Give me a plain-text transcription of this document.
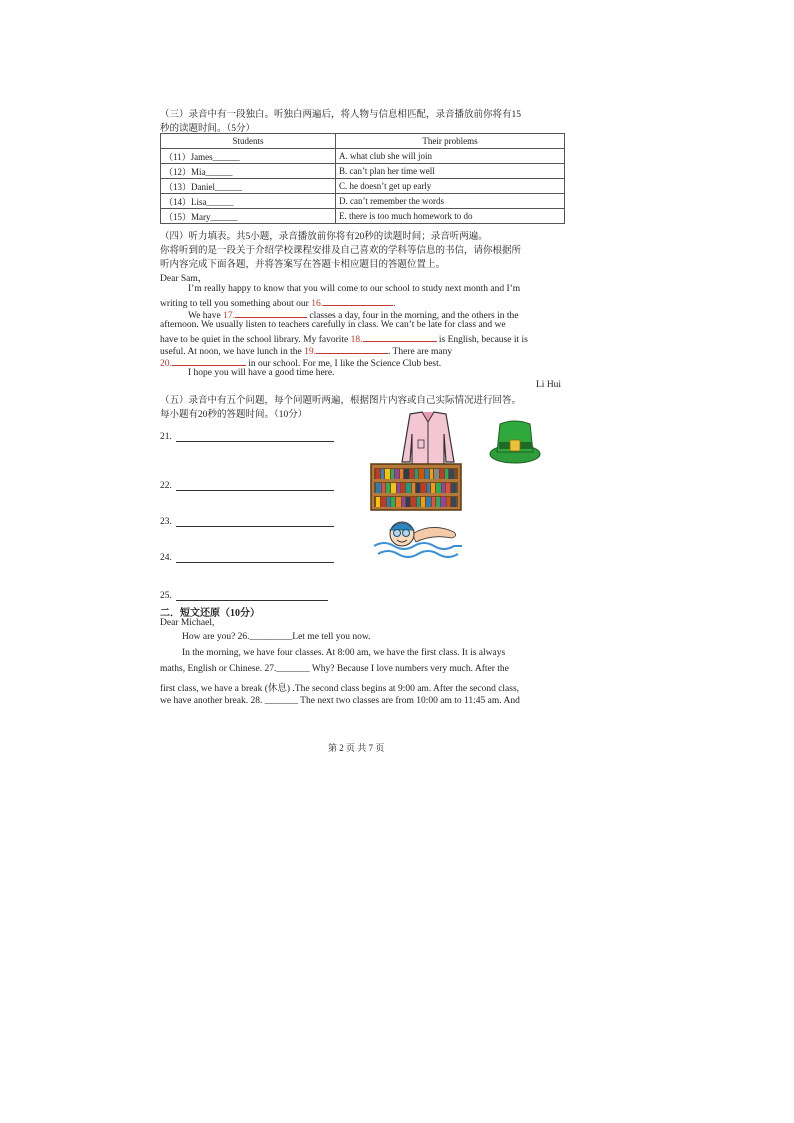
（三）录音中有一段独白。听独白两遍后，将人物与信息相匹配，录音播放前你将有15
秒的读题时间。（5分）
Students	Their problems
（11）James______	A. what club she will join
（12）Mia______	B. can’t plan her time well
（13）Daniel______	C. he doesn’t get up early
（14）Lisa______	D. can’t remember the words
（15）Mary______	E. there is too much homework to do
（四）听力填表。共5小题，录音播放前你将有20秒的读题时间；录音听两遍。
你将听到的是一段关于介绍学校课程安排及自己喜欢的学科等信息的书信，请你根据所
听内容完成下面各题，并将答案写在答题卡相应题目的答题位置上。
Dear Sam，
I’m really happy to know that you will come to our school to study next month and I’m
writing to tell you something about our 16.	.
We have 17.	classes a day, four in the morning, and the others in the
afternoon. We usually listen to teachers carefully in class. We can’t be late for class and we
have to be quiet in the school library. My favorite 18.	is English, because it is
useful. At noon, we have lunch in the 19.	. There are many
20.	in our school. For me, I like the Science Club best.
I hope you will have a good time here.
Li Hui
（五）录音中有五个问题，每个问题听两遍，根据图片内容或自己实际情况进行回答。
每小题有20秒的答题时间。（10分）
21.
22.
23.
24.
25.
二．短文还原（10分）
Dear Michael,
How are you? 26._________Let me tell you now.
In the morning, we have four classes. At 8:00 am, we have the first class. It is always
maths, English or Chinese. 27._______ Why? Because I love numbers very much. After the
first class, we have a break (休息) .The second class begins at 9:00 am. After the second class,
we have another break. 28. _______ The next two classes are from 10:00 am to 11:45 am. And
第 2 页 共 7 页
